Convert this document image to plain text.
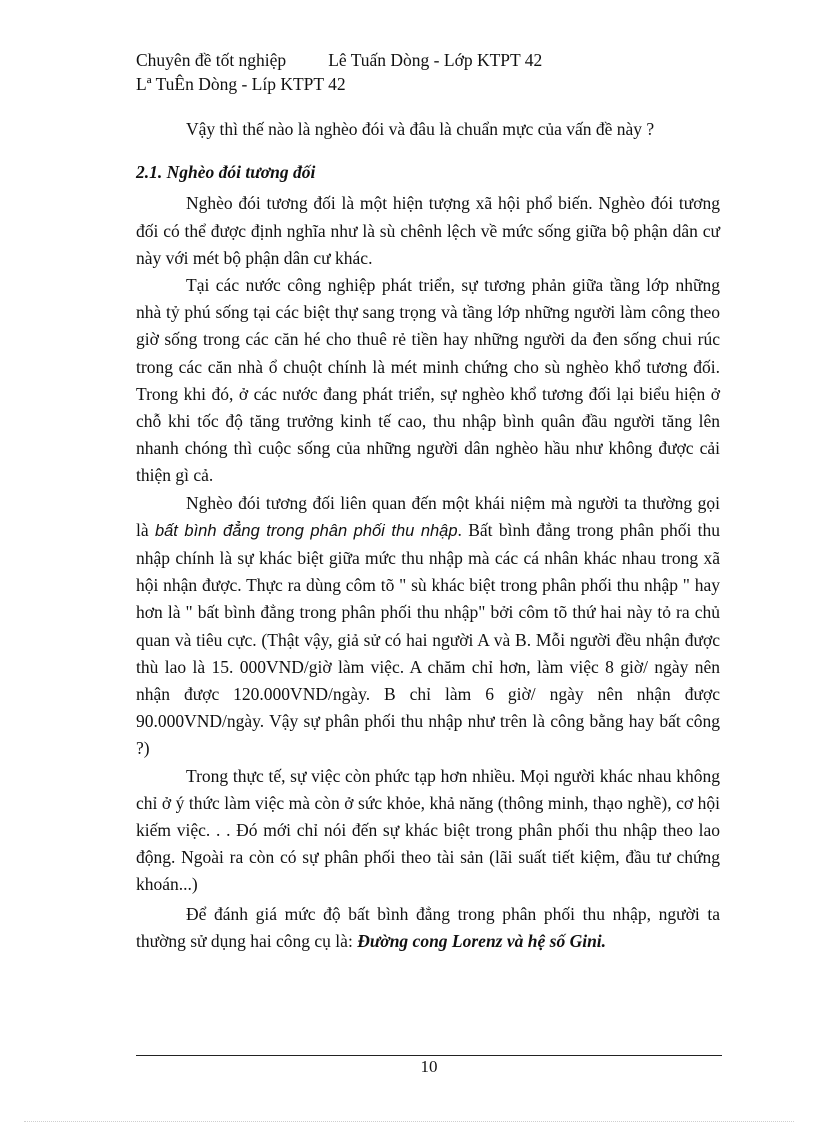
Chuyên đề tốt nghiệp Lê Tuấn Dòng - Lớp KTPT 42
Lª TuÊn Dòng - Líp KTPT 42

Vậy thì thế nào là nghèo đói và đâu là chuẩn mực của vấn đề này ?

2.1. Nghèo đói tương đối

Nghèo đói tương đối là một hiện tượng xã hội phổ biến. Nghèo đói tương đối có thể được định nghĩa như là sù chênh lệch về mức sống giữa bộ phận dân cư này với mét bộ phận dân cư khác.

Tại các nước công nghiệp phát triển, sự tương phản giữa tầng lớp những nhà tỷ phú sống tại các biệt thự sang trọng và tầng lớp những người làm công theo giờ sống trong các căn hé cho thuê rẻ tiền hay những người da đen sống chui rúc trong các căn nhà ổ chuột chính là mét minh chứng cho sù nghèo khổ tương đối. Trong khi đó, ở các nước đang phát triển, sự nghèo khổ tương đối lại biểu hiện ở chỗ khi tốc độ tăng trưởng kinh tế cao, thu nhập bình quân đầu người tăng lên nhanh chóng thì cuộc sống của những người dân nghèo hầu như không được cải thiện gì cả.

Nghèo đói tương đối liên quan đến một khái niệm mà người ta thường gọi là bất bình đẳng trong phân phối thu nhập. Bất bình đẳng trong phân phối thu nhập chính là sự khác biệt giữa mức thu nhập mà các cá nhân khác nhau trong xã hội nhận được. Thực ra dùng côm tõ " sù khác biệt trong phân phối thu nhập " hay hơn là " bất bình đẳng trong phân phối thu nhập" bởi côm tõ thứ hai này tỏ ra chủ quan và tiêu cực. (Thật vậy, giả sử có hai người A và B. Mỗi người đều nhận được thù lao là 15. 000VND/giờ làm việc. A chăm chỉ hơn, làm việc 8 giờ/ ngày nên nhận được 120.000VND/ngày. B chỉ làm 6 giờ/ ngày nên nhận được 90.000VND/ngày. Vậy sự phân phối thu nhập như trên là công bằng hay bất công ?)

Trong thực tế, sự việc còn phức tạp hơn nhiều. Mọi người khác nhau không chỉ ở ý thức làm việc mà còn ở sức khỏe, khả năng (thông minh, thạo nghề), cơ hội kiếm việc. . . Đó mới chỉ nói đến sự khác biệt trong phân phối thu nhập theo lao động. Ngoài ra còn có sự phân phối theo tài sản (lãi suất tiết kiệm, đầu tư chứng khoán...)

Để đánh giá mức độ bất bình đẳng trong phân phối thu nhập, người ta thường sử dụng hai công cụ là: Đường cong Lorenz và hệ số Gini.

10
